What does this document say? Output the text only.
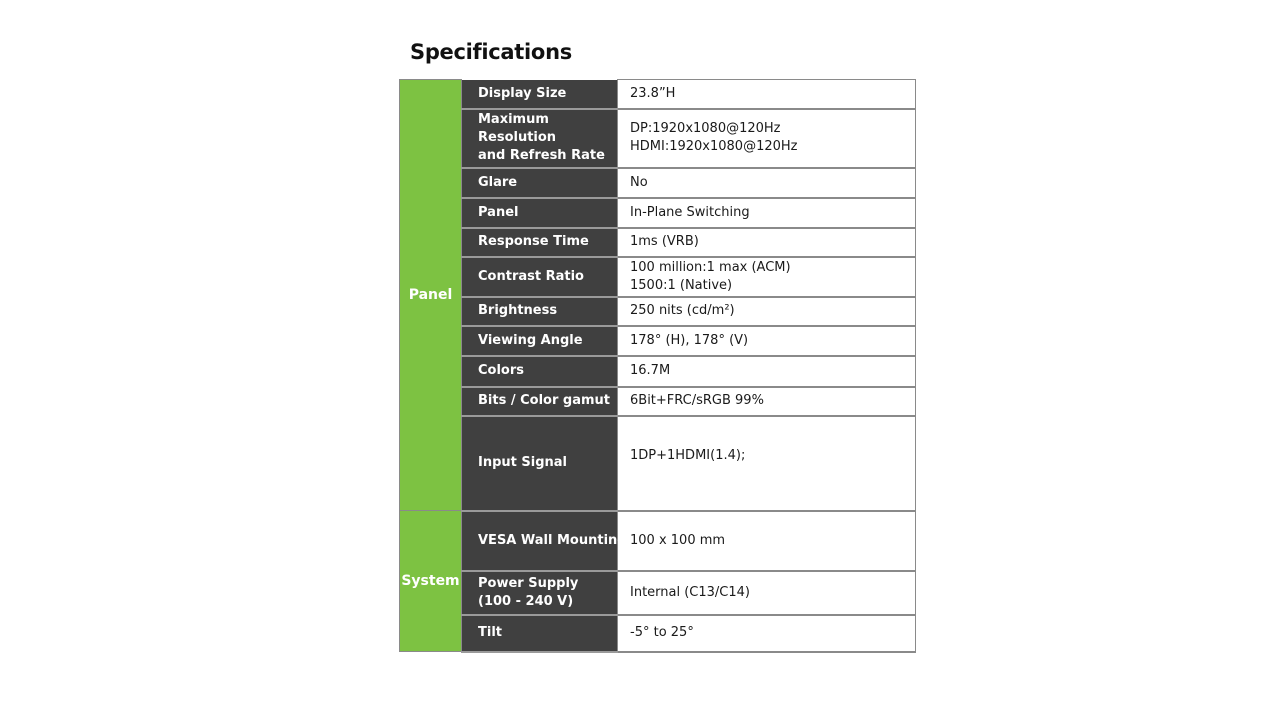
Specifications
Panel	Display Size	23.8”H

	Maximum
Resolution
and Refresh Rate	DP:1920x1080@120Hz
HDMI:1920x1080@120Hz

	Glare	No
	Panel	In-Plane Switching
	Response Time	1ms (VRB)
	Contrast Ratio	100 million:1 max (ACM)
1500:1 (Native)

	Brightness	250 nits (cd/m²)
	Viewing Angle	178° (H), 178° (V)
	Colors	16.7M
	Bits / Color gamut	6Bit+FRC/sRGB 99%
	Input Signal	1DP+1HDMI(1.4);
System	VESA Wall Mounting	100 x 100 mm

	Power Supply
(100 - 240 V)	Internal (C13/C14)
	Tilt	-5° to 25°
